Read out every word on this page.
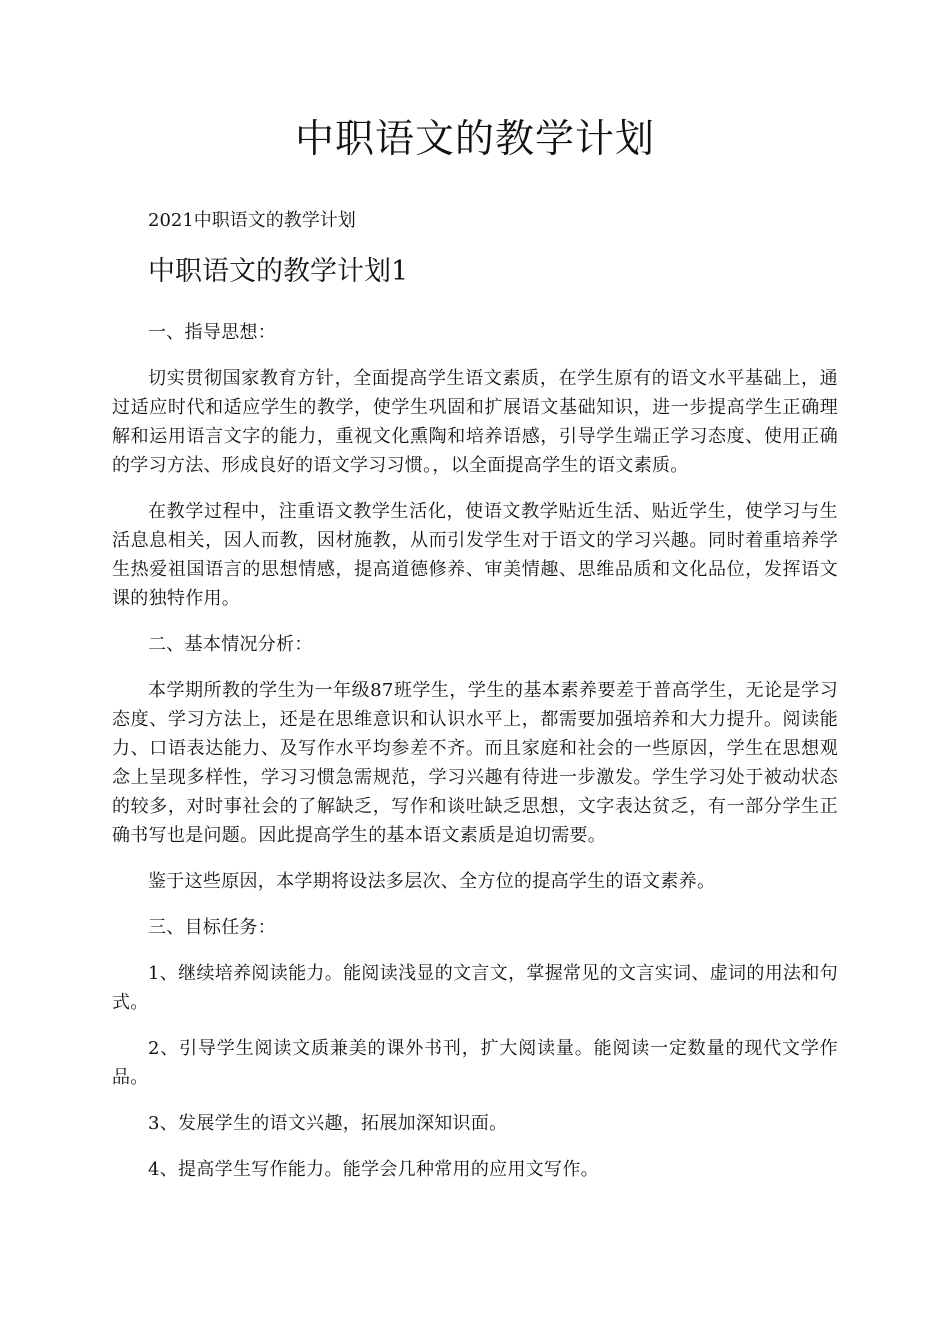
中职语文的教学计划

2021中职语文的教学计划

中职语文的教学计划1

一、指导思想：

切实贯彻国家教育方针，全面提高学生语文素质，在学生原有的语文水平基础上，通过适应时代和适应学生的教学，使学生巩固和扩展语文基础知识，进一步提高学生正确理解和运用语言文字的能力，重视文化熏陶和培养语感，引导学生端正学习态度、使用正确的学习方法、形成良好的语文学习习惯。，以全面提高学生的语文素质。

在教学过程中，注重语文教学生活化，使语文教学贴近生活、贴近学生，使学习与生活息息相关，因人而教，因材施教，从而引发学生对于语文的学习兴趣。同时着重培养学生热爱祖国语言的思想情感，提高道德修养、审美情趣、思维品质和文化品位，发挥语文课的独特作用。

二、基本情况分析：

本学期所教的学生为一年级87班学生，学生的基本素养要差于普高学生，无论是学习态度、学习方法上，还是在思维意识和认识水平上，都需要加强培养和大力提升。阅读能力、口语表达能力、及写作水平均参差不齐。而且家庭和社会的一些原因，学生在思想观念上呈现多样性，学习习惯急需规范，学习兴趣有待进一步激发。学生学习处于被动状态的较多，对时事社会的了解缺乏，写作和谈吐缺乏思想，文字表达贫乏，有一部分学生正确书写也是问题。因此提高学生的基本语文素质是迫切需要。

鉴于这些原因，本学期将设法多层次、全方位的提高学生的语文素养。

三、目标任务：

1、继续培养阅读能力。能阅读浅显的文言文，掌握常见的文言实词、虚词的用法和句式。

2、引导学生阅读文质兼美的课外书刊，扩大阅读量。能阅读一定数量的现代文学作品。

3、发展学生的语文兴趣，拓展加深知识面。

4、提高学生写作能力。能学会几种常用的应用文写作。
